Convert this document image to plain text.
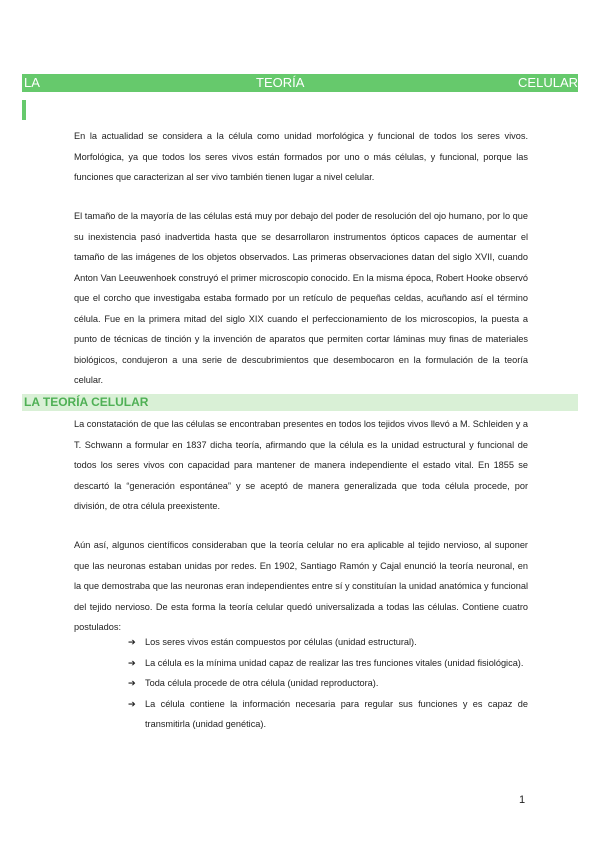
LA	TEORÍA	CELULAR

En la actualidad se considera a la célula como unidad morfológica y funcional de todos los seres vivos. Morfológica, ya que todos los seres vivos están formados por uno o más células, y funcional, porque las funciones que caracterizan al ser vivo también tienen lugar a nivel celular.

El tamaño de la mayoría de las células está muy por debajo del poder de resolución del ojo humano, por lo que su inexistencia pasó inadvertida hasta que se desarrollaron instrumentos ópticos capaces de aumentar el tamaño de las imágenes de los objetos observados. Las primeras observaciones datan del siglo XVII, cuando Anton Van Leeuwenhoek construyó el primer microscopio conocido. En la misma época, Robert Hooke observó que el corcho que investigaba estaba formado por un retículo de pequeñas celdas, acuñando así el término célula. Fue en la primera mitad del siglo XIX cuando el perfeccionamiento de los microscopios, la puesta a punto de técnicas de tinción y la invención de aparatos que permiten cortar láminas muy finas de materiales biológicos, condujeron a una serie de descubrimientos que desembocaron en la formulación de la teoría celular.

LA TEORÍA CELULAR

La constatación de que las células se encontraban presentes en todos los tejidos vivos llevó a M. Schleiden y a T. Schwann a formular en 1837 dicha teoría, afirmando que la célula es la unidad estructural y funcional de todos los seres vivos con capacidad para mantener de manera independiente el estado vital. En 1855 se descartó la “generación espontánea” y se aceptó de manera generalizada que toda célula procede, por división, de otra célula preexistente.

Aún así, algunos científicos consideraban que la teoría celular no era aplicable al tejido nervioso, al suponer que las neuronas estaban unidas por redes. En 1902, Santiago Ramón y Cajal enunció la teoría neuronal, en la que demostraba que las neuronas eran independientes entre sí y constituían la unidad anatómica y funcional del tejido nervioso. De esta forma la teoría celular quedó universalizada a todas las células. Contiene cuatro postulados:

➔ Los seres vivos están compuestos por células (unidad estructural).
➔ La célula es la mínima unidad capaz de realizar las tres funciones vitales (unidad fisiológica).
➔ Toda célula procede de otra célula (unidad reproductora).
➔ La célula contiene la información necesaria para regular sus funciones y es capaz de transmitirla (unidad genética).
1
